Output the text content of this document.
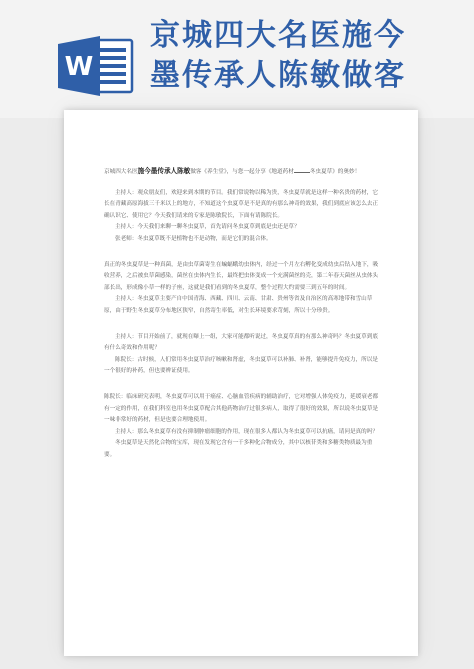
W
京城四大名医施今
墨传承人陈敏做客

京城四大名医施今墨传承人陈敏做客《养生堂》，与您一起分享《地道药材	冬虫夏草》的奥妙！

主持人：观众朋友们，欢迎来到本期的节目。我们常说物以稀为贵，冬虫夏草就是这样一种名贵的药材，它长在青藏高原海拔三千米以上的地方，不知道这个虫夏草是不是真的有那么神奇的效果，我们到底应该怎么去正确认识它、使用它？今天我们请来的专家是陈敏院长，下面有请陈院长。

主持人：今天我们来聊一聊冬虫夏草，首先请问冬虫夏草到底是虫还是草？

张老师：冬虫夏草既不是植物也不是动物，而是它们的混合体。

真正的冬虫夏草是一种真菌，是由虫草菌寄生在蝙蝠蛾幼虫体内，经过一个月左右孵化变成幼虫后钻入地下，吸收营养，之后被虫草菌感染，菌丝在虫体内生长，最终把虫体变成一个充满菌丝的壳，第二年春天菌丝从虫体头部长出，形成像小草一样的子座，这就是我们看到的冬虫夏草，整个过程大约需要三到五年的时间。

主持人：冬虫夏草主要产自中国青海、西藏、四川、云南、甘肃、贵州等省及自治区的高寒地带和雪山草原，由于野生冬虫夏草分布地区狭窄，自然寄生率低，对生长环境要求苛刻，所以十分珍贵。

主持人：节目开始前了，就现在曝上一组，大家可能都听说过，冬虫夏草真的有那么神奇吗？冬虫夏草到底有什么奇效和作用呢？

陈院长：古时候，人们常用冬虫夏草治疗咳嗽和肾虚，冬虫夏草可以补肺、补肾，能够提升免疫力，所以是一个很好的补药，但也要辨证使用。

陈院长：临床研究表明，冬虫夏草可以用于癌症、心脑血管疾病的辅助治疗，它对增强人体免疫力，延缓衰老都有一定的作用，在我们科室也用冬虫夏草配合其他药物治疗过很多病人，取得了很好的效果，所以说冬虫夏草是一味非常好的药材，但是也要合理地使用。

主持人：那么冬虫夏草有没有抑制肿瘤细胞的作用，现在很多人都认为冬虫夏草可以抗癌，请问是真的吗？

冬虫夏草是天然化合物的宝库，现在发现它含有一千多种化合物成分，其中以核苷类和多糖类物质最为重要。
